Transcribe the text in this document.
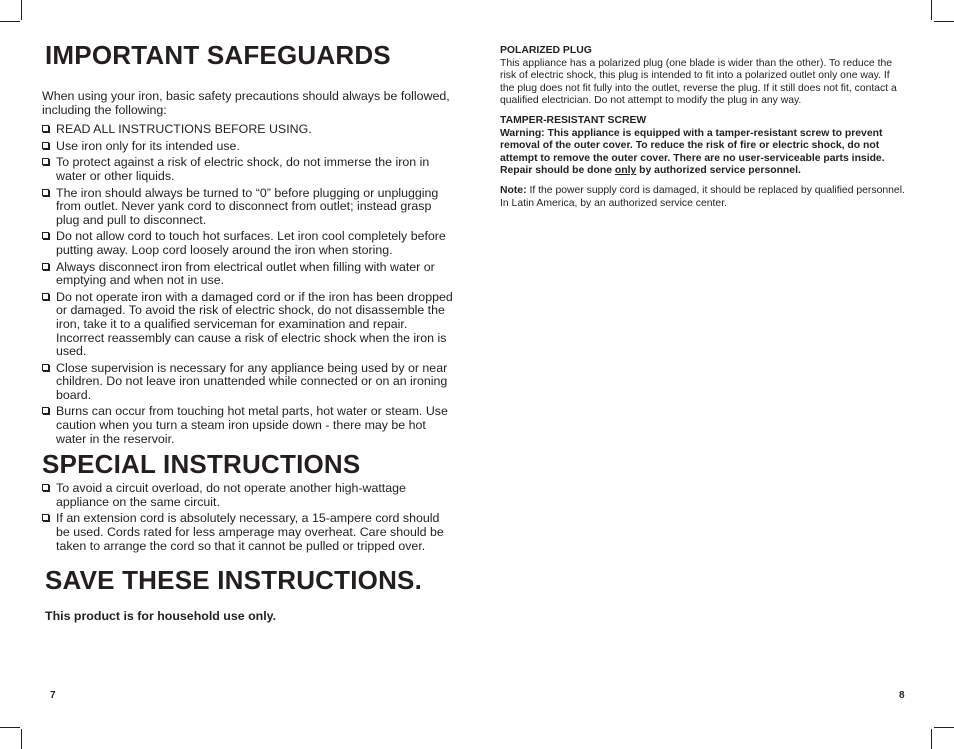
IMPORTANT SAFEGUARDS

When using your iron, basic safety precautions should always be followed, including the following:

READ ALL INSTRUCTIONS BEFORE USING.
Use iron only for its intended use.
To protect against a risk of electric shock, do not immerse the iron in water or other liquids.
The iron should always be turned to “0” before plugging or unplugging from outlet. Never yank cord to disconnect from outlet; instead grasp plug and pull to disconnect.
Do not allow cord to touch hot surfaces. Let iron cool completely before putting away. Loop cord loosely around the iron when storing.
Always disconnect iron from electrical outlet when filling with water or emptying and when not in use.
Do not operate iron with a damaged cord or if the iron has been dropped or damaged. To avoid the risk of electric shock, do not disassemble the iron, take it to a qualified serviceman for examination and repair. Incorrect reassembly can cause a risk of electric shock when the iron is used.
Close supervision is necessary for any appliance being used by or near children. Do not leave iron unattended while connected or on an ironing board.
Burns can occur from touching hot metal parts, hot water or steam. Use caution when you turn a steam iron upside down - there may be hot water in the reservoir.
SPECIAL INSTRUCTIONS
To avoid a circuit overload, do not operate another high-wattage appliance on the same circuit.
If an extension cord is absolutely necessary, a 15-ampere cord should be used. Cords rated for less amperage may overheat. Care should be taken to arrange the cord so that it cannot be pulled or tripped over.
SAVE THESE INSTRUCTIONS.

This product is for household use only.

7

POLARIZED PLUG

This appliance has a polarized plug (one blade is wider than the other). To reduce the risk of electric shock, this plug is intended to fit into a polarized outlet only one way. If the plug does not fit fully into the outlet, reverse the plug. If it still does not fit, contact a qualified electrician. Do not attempt to modify the plug in any way.

TAMPER-RESISTANT SCREW

Warning: This appliance is equipped with a tamper-resistant screw to prevent removal of the outer cover. To reduce the risk of fire or electric shock, do not attempt to remove the outer cover. There are no user-serviceable parts inside. Repair should be done only by authorized service personnel.

Note: If the power supply cord is damaged, it should be replaced by qualified personnel. In Latin America, by an authorized service center.

8
